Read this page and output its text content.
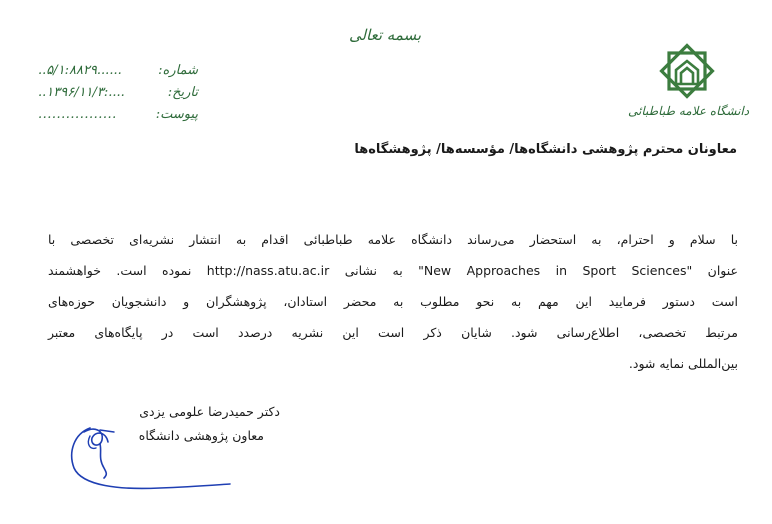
بسمه تعالی
شماره:
..۵/۱:۸۸۲۹......
تاریخ:
..۱۳۹۶/۱۱/۳:....
پیوست:
.................	دانشگاه علامه طباطبائی
معاونان محترم پژوهشی دانشگاه‌ها/ مؤسسه‌ها/ پژوهشگاه‌ها
با سلام و احترام، به استحضار می‌رساند دانشگاه علامه طباطبائی اقدام به انتشار نشریه‌ای تخصصی با
عنوان "New Approaches in Sport Sciences" به نشانی http://nass.atu.ac.ir نموده است. خواهشمند
است دستور فرمایید این مهم به نحو مطلوب به محضر استادان، پژوهشگران و دانشجویان حوزه‌های
مرتبط تخصصی، اطلاع‌رسانی شود. شایان ذکر است این نشریه درصدد است در پایگاه‌های معتبر
بین‌المللی نمایه شود.
دکتر حمیدرضا علومی یزدی
معاون پژوهشی دانشگاه
